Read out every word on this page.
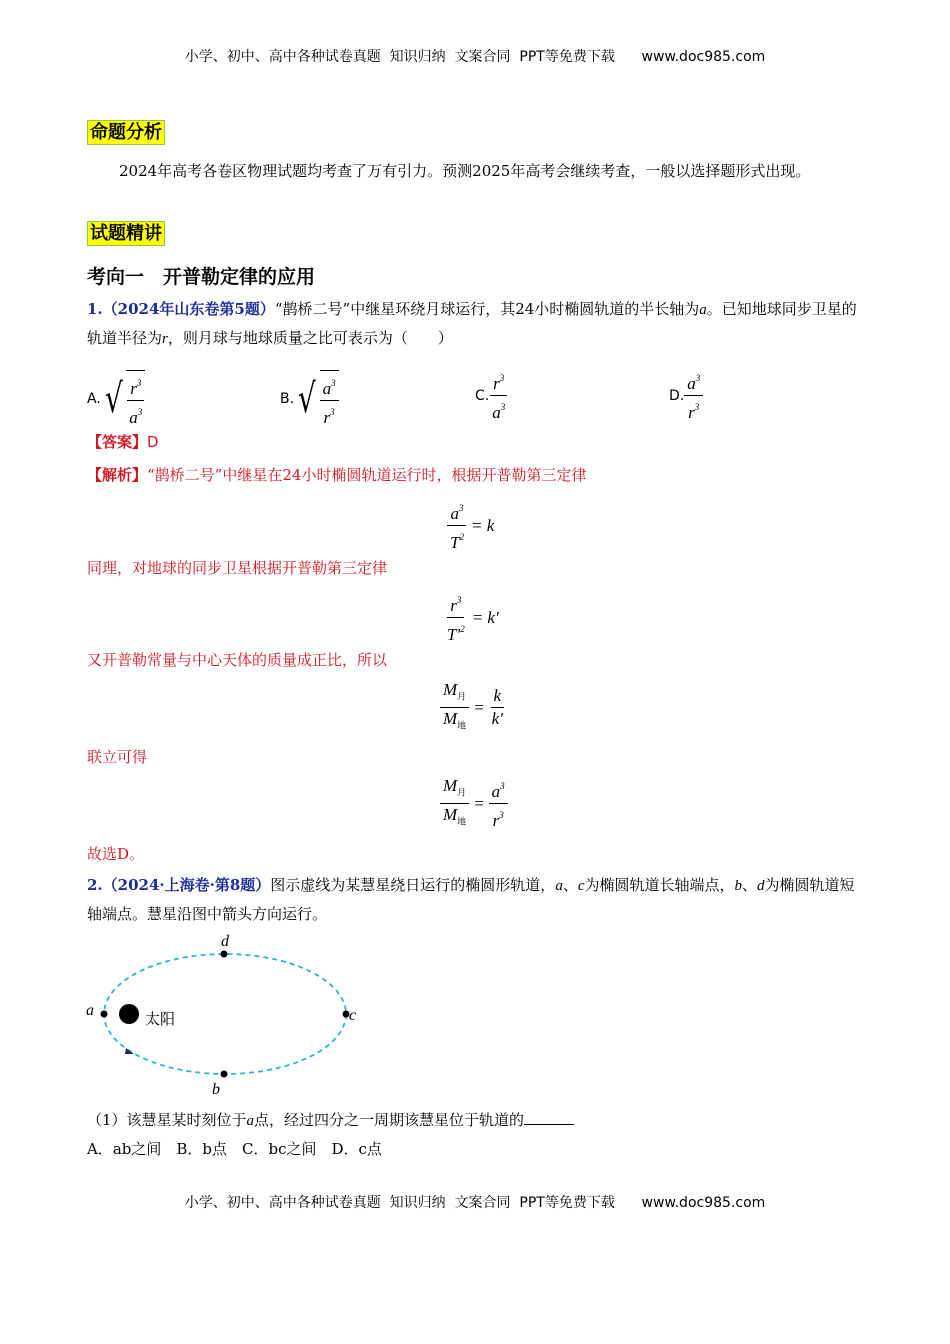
小学、初中、高中各种试卷真题  知识归纳  文案合同  PPT等免费下载      www.doc985.com
命题分析
2024年高考各卷区物理试题均考查了万有引力。预测2025年高考会继续考查，一般以选择题形式出现。
试题精讲
考向一　开普勒定律的应用
1.（2024年山东卷第5题）“鹊桥二号”中继星环绕月球运行，其24小时椭圆轨道的半长轴为a。已知地球同步卫星的轨道半径为r，则月球与地球质量之比可表示为（　　）
A. √ $\frac{r^3}{a^3}$	B. √ $\frac{a^3}{r^3}$	C. $\frac{r^3}{a^3}$	D. $\frac{a^3}{r^3}$
【答案】D
【解析】“鹊桥二号”中继星在24小时椭圆轨道运行时，根据开普勒第三定律
$\frac{a^3}{T^2} = k$
同理，对地球的同步卫星根据开普勒第三定律
$\frac{r^3}{T'^2} = k'$
又开普勒常量与中心天体的质量成正比，所以
$\frac{M_月}{M_地} = \frac{k}{k'}$
联立可得
$\frac{M_月}{M_地} = \frac{a^3}{r^3}$
故选D。
2.（2024·上海卷·第8题）图示虚线为某慧星绕日运行的椭圆形轨道，a、c为椭圆轨道长轴端点，b、d为椭圆轨道短轴端点。慧星沿图中箭头方向运行。
a	c
d
b
太阳
（1）该慧星某时刻位于a点，经过四分之一周期该慧星位于轨道的
A．ab之间　B．b点　C．bc之间　D．c点
小学、初中、高中各种试卷真题  知识归纳  文案合同  PPT等免费下载      www.doc985.com
